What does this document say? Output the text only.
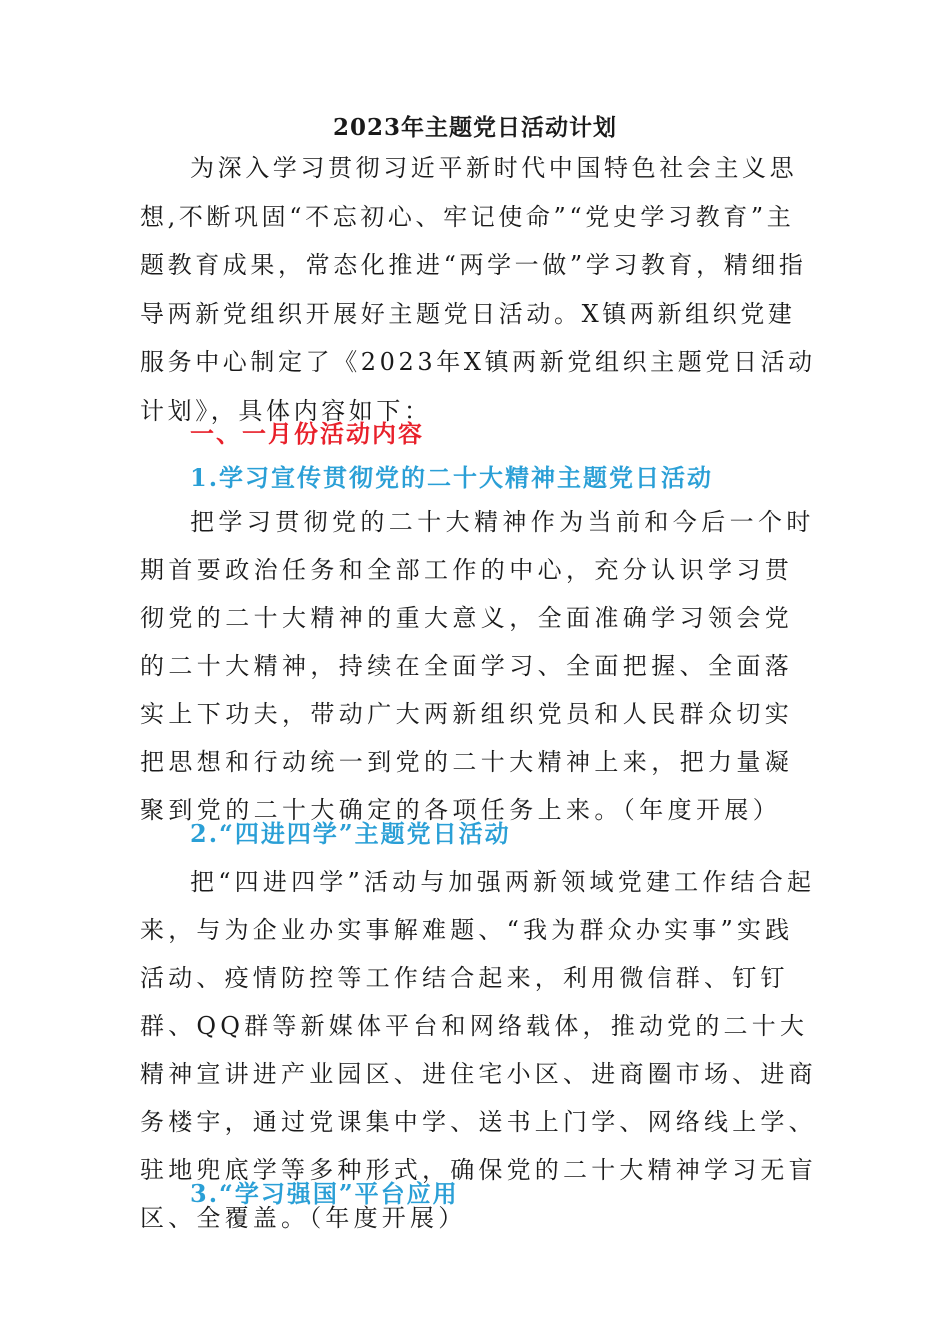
2023年主题党日活动计划

为深入学习贯彻习近平新时代中国特色社会主义思想,不断巩固“不忘初心、牢记使命”“党史学习教育”主题教育成果，常态化推进“两学一做”学习教育，精细指导两新党组织开展好主题党日活动。X镇两新组织党建服务中心制定了《2023年X镇两新党组织主题党日活动计划》，具体内容如下：

一、一月份活动内容
1.学习宣传贯彻党的二十大精神主题党日活动

把学习贯彻党的二十大精神作为当前和今后一个时期首要政治任务和全部工作的中心，充分认识学习贯彻党的二十大精神的重大意义，全面准确学习领会党的二十大精神，持续在全面学习、全面把握、全面落实上下功夫，带动广大两新组织党员和人民群众切实把思想和行动统一到党的二十大精神上来，把力量凝聚到党的二十大确定的各项任务上来。（年度开展）

2.“四进四学”主题党日活动

把“四进四学”活动与加强两新领域党建工作结合起来，与为企业办实事解难题、“我为群众办实事”实践活动、疫情防控等工作结合起来，利用微信群、钉钉群、QQ群等新媒体平台和网络载体，推动党的二十大精神宣讲进产业园区、进住宅小区、进商圈市场、进商务楼宇，通过党课集中学、送书上门学、网络线上学、驻地兜底学等多种形式，确保党的二十大精神学习无盲区、全覆盖。（年度开展）

3.“学习强国”平台应用
